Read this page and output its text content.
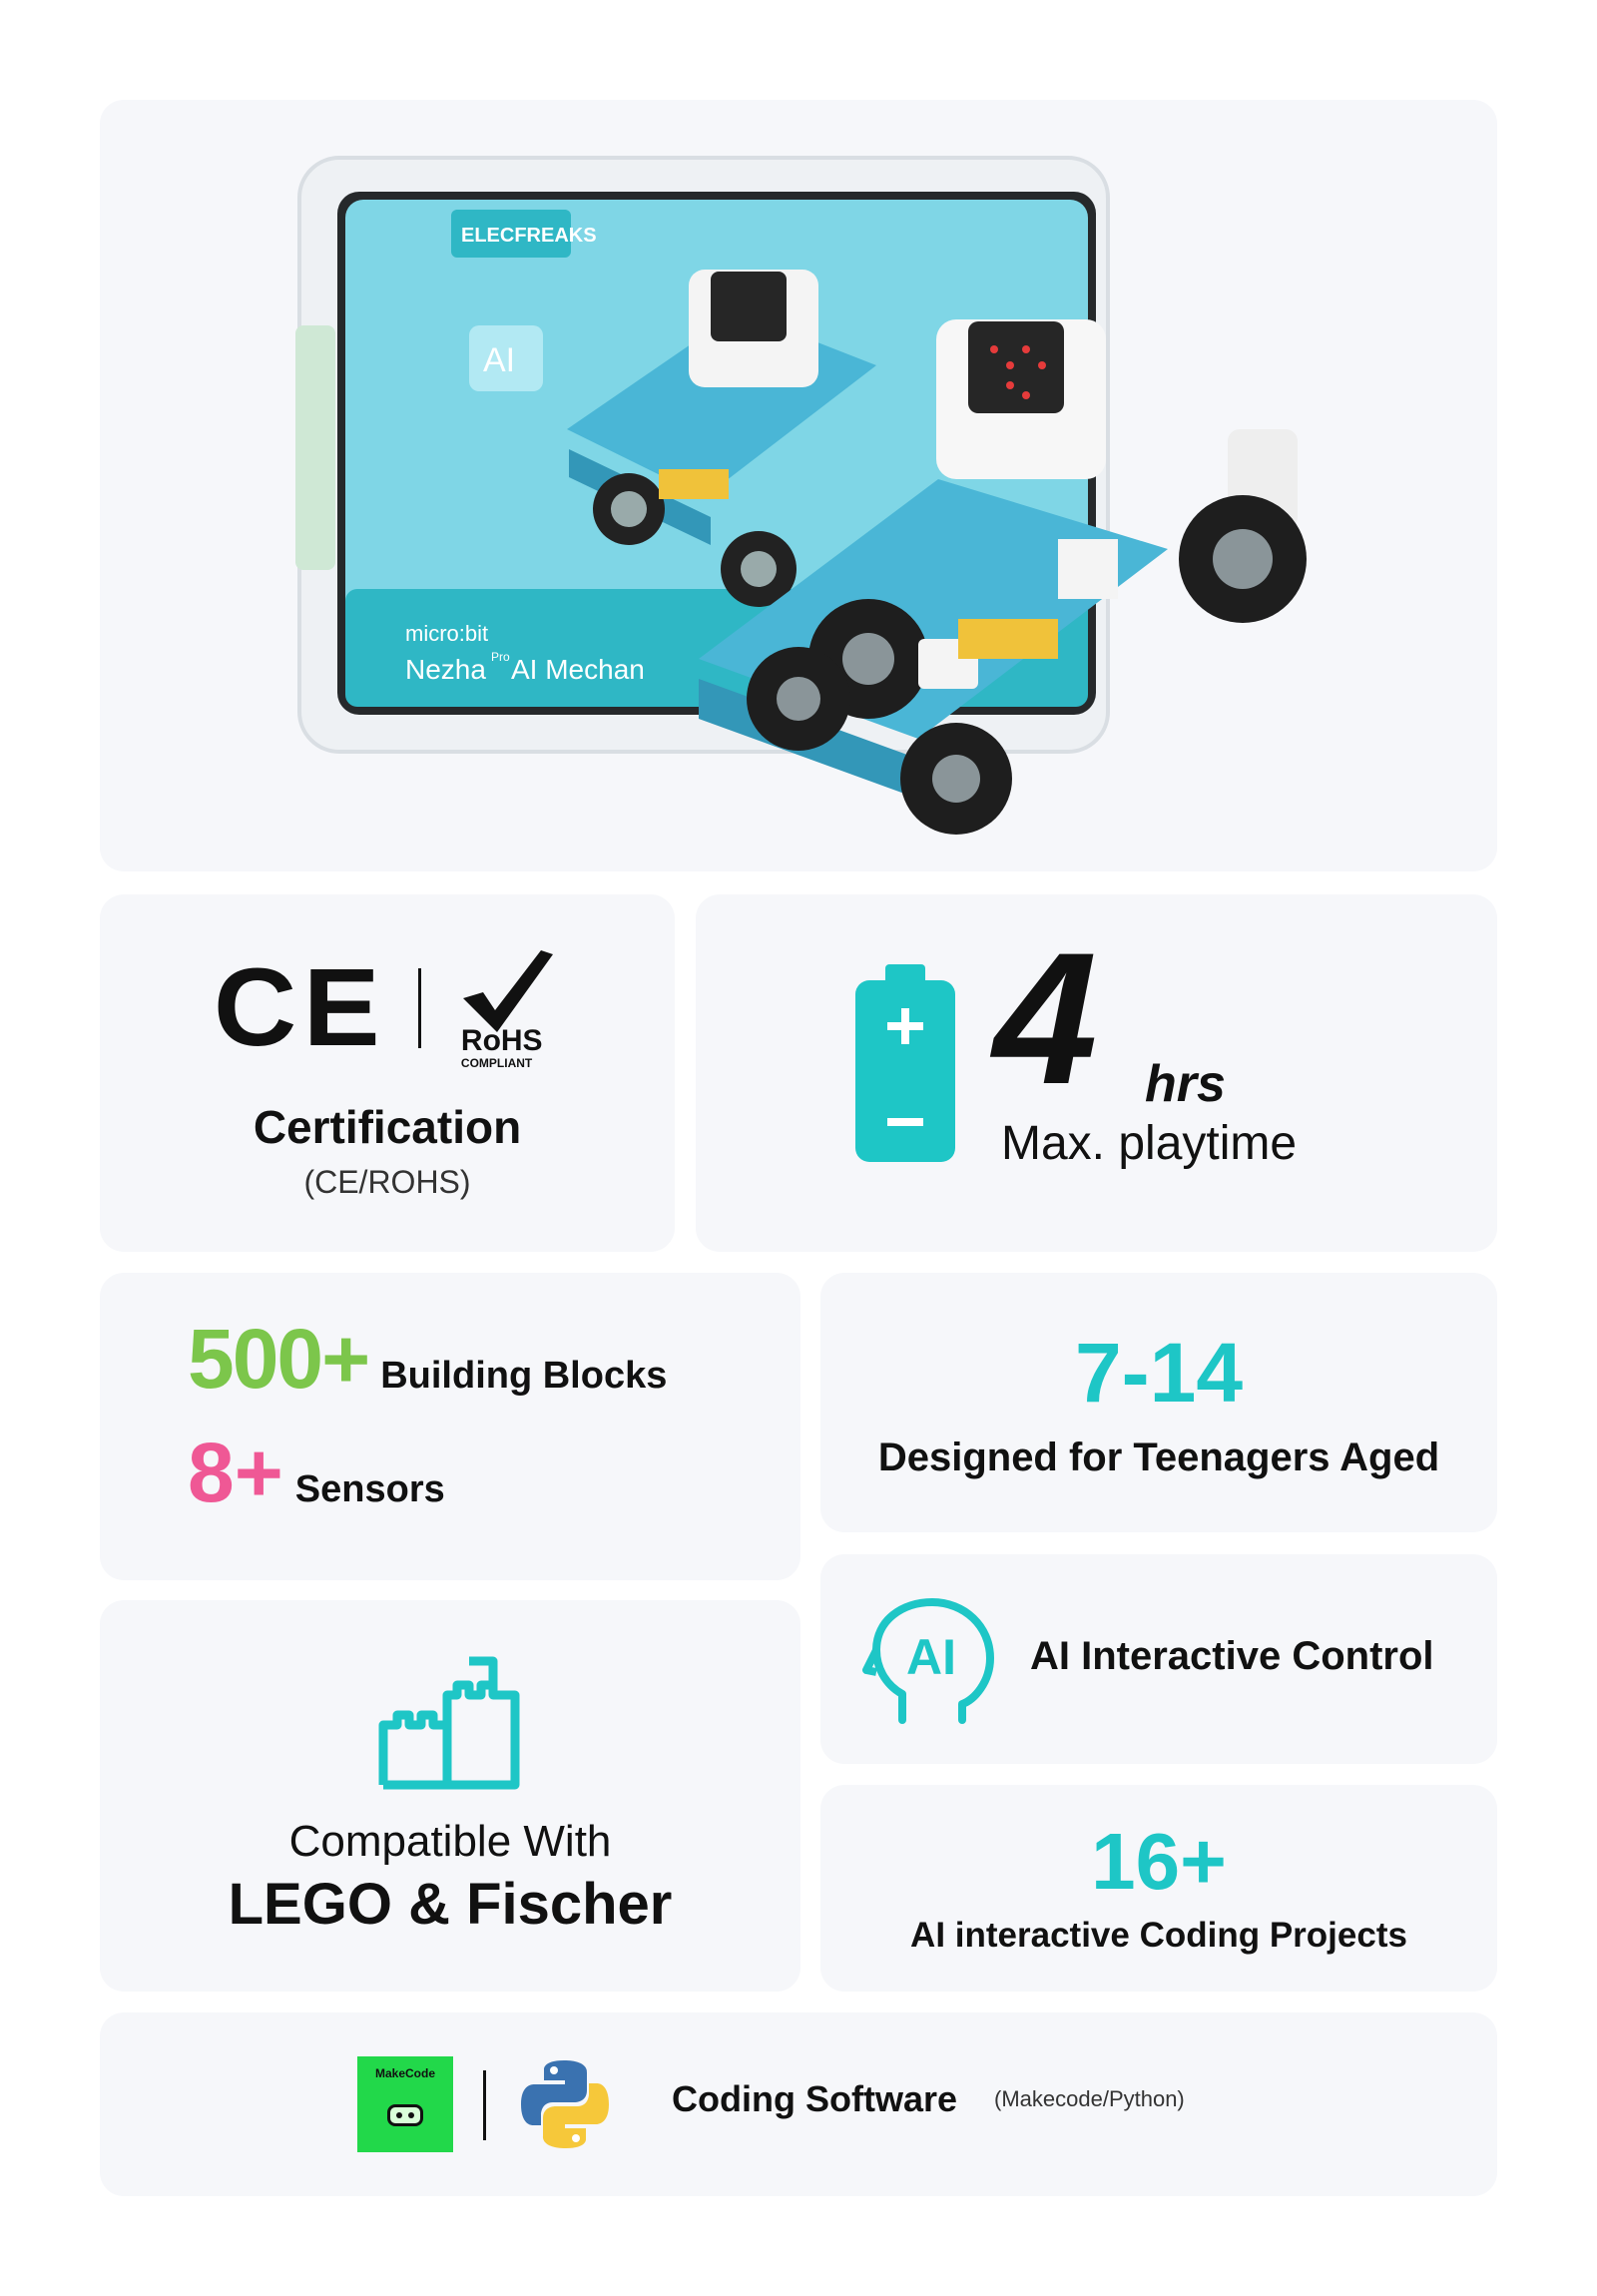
ELECFREAKS
AI
micro:bit
Nezha Pro AI Mechan
CE RoHS
COMPLIANT
Certification
(CE/ROHS)
4 hrs
Max. playtime
500+ Building Blocks
8+ Sensors
7-14
Designed for Teenagers Aged
Compatible With
LEGO & Fischer
AI AI Interactive Control
16+
AI interactive Coding Projects
MakeCode
Coding Software (Makecode/Python)
